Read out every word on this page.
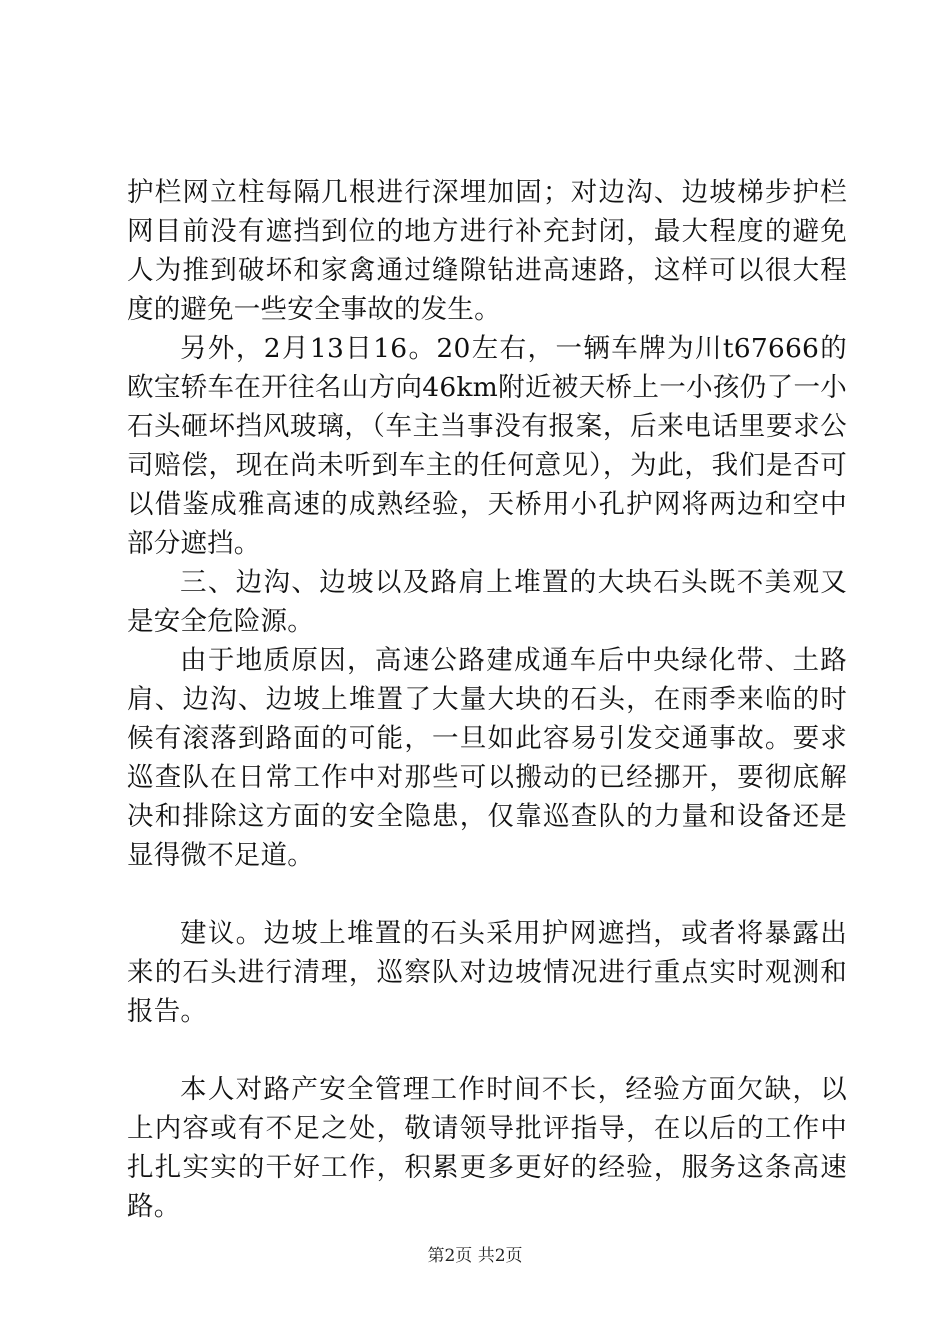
护栏网立柱每隔几根进行深埋加固；对边沟、边坡梯步护栏网目前没有遮挡到位的地方进行补充封闭，最大程度的避免人为推到破坏和家禽通过缝隙钻进高速路，这样可以很大程度的避免一些安全事故的发生。

另外，2月13日16。20左右，一辆车牌为川t67666的欧宝轿车在开往名山方向46km附近被天桥上一小孩仍了一小石头砸坏挡风玻璃，（车主当事没有报案，后来电话里要求公司赔偿，现在尚未听到车主的任何意见），为此，我们是否可以借鉴成雅高速的成熟经验，天桥用小孔护网将两边和空中部分遮挡。

三、边沟、边坡以及路肩上堆置的大块石头既不美观又是安全危险源。

由于地质原因，高速公路建成通车后中央绿化带、土路肩、边沟、边坡上堆置了大量大块的石头，在雨季来临的时候有滚落到路面的可能，一旦如此容易引发交通事故。要求巡查队在日常工作中对那些可以搬动的已经挪开，要彻底解决和排除这方面的安全隐患，仅靠巡查队的力量和设备还是显得微不足道。

建议。边坡上堆置的石头采用护网遮挡，或者将暴露出来的石头进行清理，巡察队对边坡情况进行重点实时观测和报告。

本人对路产安全管理工作时间不长，经验方面欠缺，以上内容或有不足之处，敬请领导批评指导，在以后的工作中扎扎实实的干好工作，积累更多更好的经验，服务这条高速路。

第2页 共2页
